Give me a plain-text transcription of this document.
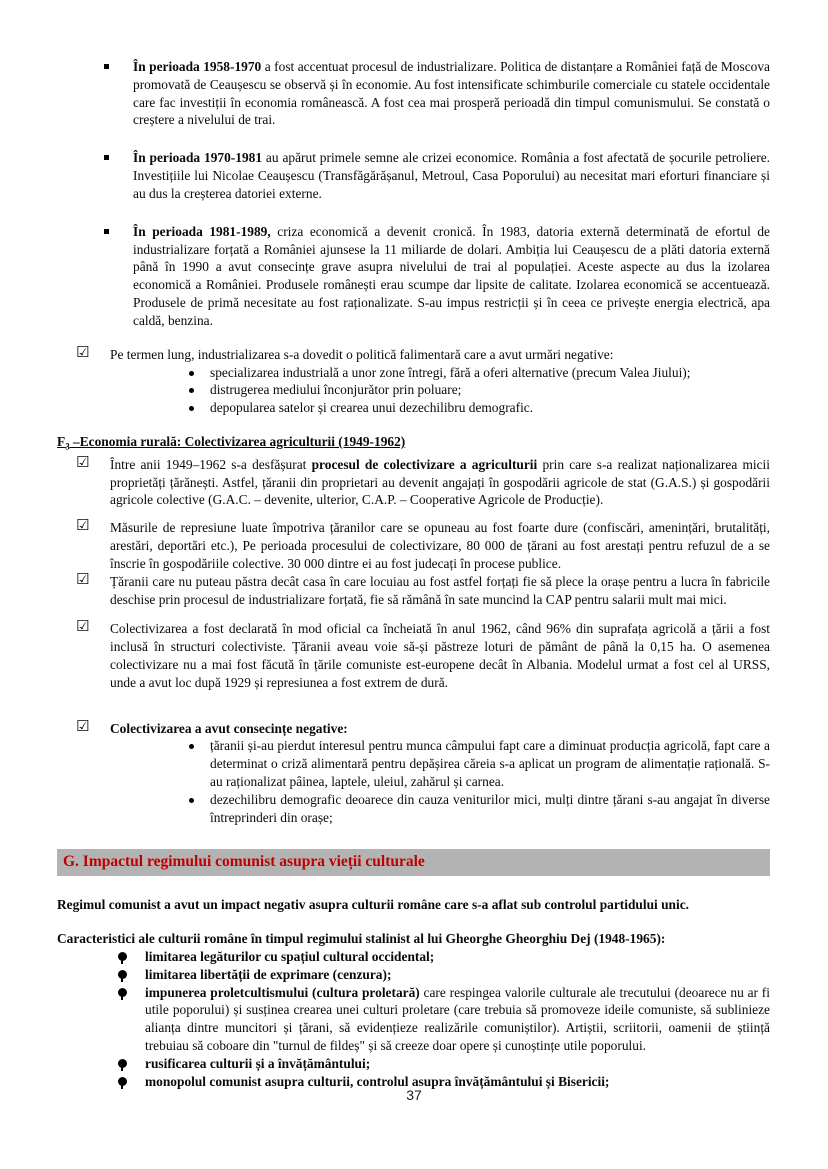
În perioada 1958-1970 a fost accentuat procesul de industrializare. Politica de distanțare a României față de Moscova promovată de Ceaușescu se observă și în economie. Au fost intensificate schimburile comerciale cu statele occidentale care fac investiții în economia românească. A fost cea mai prosperă perioadă din timpul comunismului. Se constată o creștere a nivelului de trai.

În perioada 1970-1981 au apărut primele semne ale crizei economice. România a fost afectată de șocurile petroliere. Investițiile lui Nicolae Ceaușescu (Transfăgărășanul, Metroul, Casa Poporului) au necesitat mari eforturi financiare și au dus la creșterea datoriei externe.

În perioada 1981-1989, criza economică a devenit cronică. În 1983, datoria externă determinată de efortul de industrializare forțată a României ajunsese la 11 miliarde de dolari. Ambiția lui Ceaușescu de a plăti datoria externă până în 1990 a avut consecințe grave asupra nivelului de trai al populației. Aceste aspecte au dus la izolarea economică a României. Produsele românești erau scumpe dar lipsite de calitate. Izolarea economică se accentuează. Produsele de primă necesitate au fost raționalizate. S-au impus restricții și în ceea ce privește energia electrică, apa caldă, benzina.

☑ Pe termen lung, industrializarea s-a dovedit o politică falimentară care a avut urmări negative:

specializarea industrială a unor zone întregi, fără a oferi alternative (precum Valea Jiului);

distrugerea mediului înconjurător prin poluare;

depopularea satelor și crearea unui dezechilibru demografic.

$F_3$ –Economia rurală: Colectivizarea agriculturii (1949-1962)

☑ Între anii 1949–1962 s-a desfășurat procesul de colectivizare a agriculturii prin care s-a realizat naționalizarea micii proprietăți țărănești. Astfel, țăranii din proprietari au devenit angajați în gospodării agricole de stat (G.A.S.) și gospodării agricole colective (G.A.C. – devenite, ulterior, C.A.P. – Cooperative Agricole de Producție).

☑ Măsurile de represiune luate împotriva țăranilor care se opuneau au fost foarte dure (confiscări, amenințări, brutalități, arestări, deportări etc.), Pe perioada procesului de colectivizare, 80 000 de țărani au fost arestați pentru refuzul de a se înscrie în gospodăriile colective. 30 000 dintre ei au fost judecați în procese publice.

☑ Țăranii care nu puteau păstra decât casa în care locuiau au fost astfel forțați fie să plece la orașe pentru a lucra în fabricile deschise prin procesul de industrializare forțată, fie să rămână în sate muncind la CAP pentru salarii mult mai mici.

☑ Colectivizarea a fost declarată în mod oficial ca încheiată în anul 1962, când 96% din suprafața agricolă a țării a fost inclusă în structuri colectiviste. Țăranii aveau voie să-și păstreze loturi de pământ de până la 0,15 ha. O asemenea colectivizare nu a mai fost făcută în țările comuniste est-europene decât în Albania. Modelul urmat a fost cel al URSS, unde a avut loc după 1929 și represiunea a fost extrem de dură.

☑ Colectivizarea a avut consecințe negative:

țăranii și-au pierdut interesul pentru munca câmpului fapt care a diminuat producția agricolă, fapt care a determinat o criză alimentară pentru depășirea căreia s-a aplicat un program de alimentație rațională. S-au raționalizat pâinea, laptele, uleiul, zahărul și carnea.

dezechilibru demografic deoarece din cauza veniturilor mici, mulți dintre țărani s-au angajat în diverse întreprinderi din orașe;

G. Impactul regimului comunist asupra vieții culturale

Regimul comunist a avut un impact negativ asupra culturii române care s-a aflat sub controlul partidului unic.

Caracteristici ale culturii române în timpul regimului stalinist al lui Gheorghe Gheorghiu Dej (1948-1965):

limitarea legăturilor cu spațiul cultural occidental;

limitarea libertății de exprimare (cenzura);

impunerea proletcultismului (cultura proletară) care respingea valorile culturale ale trecutului (deoarece nu ar fi utile poporului) și susținea crearea unei culturi proletare (care trebuia să promoveze ideile comuniste, să sublinieze alianța dintre muncitori și țărani, să evidențieze realizările comuniștilor). Artiștii, scriitorii, oamenii de știință trebuiau să coboare din "turnul de fildeș" și să creeze doar opere și cunoștințe utile poporului.

rusificarea culturii și a învățământului;

monopolul comunist asupra culturii, controlul asupra învățământului și Bisericii;

37
